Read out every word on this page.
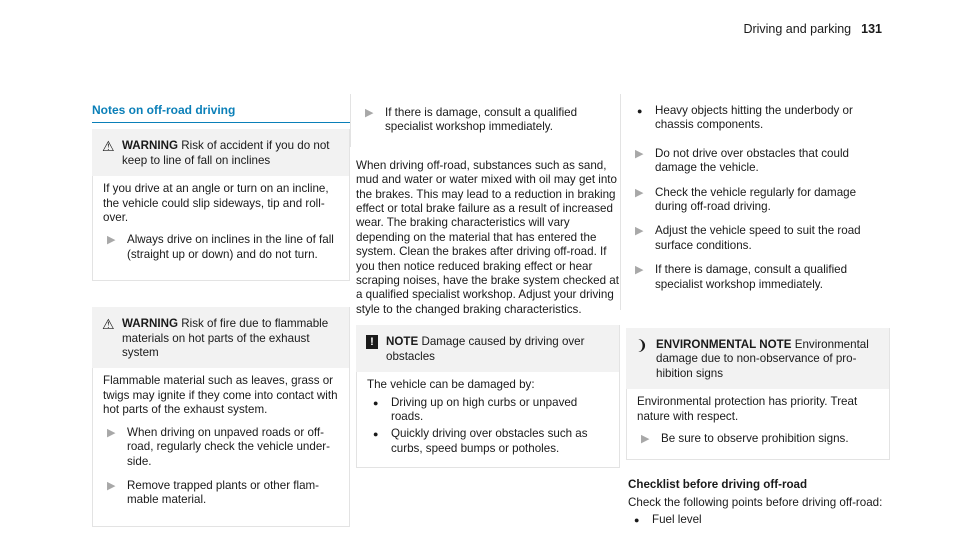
Driving and parking 131
Notes on off-road driving
⚠ WARNING Risk of accident if you do not keep to line of fall on inclines

If you drive at an angle or turn on an incline, the vehicle could slip sideways, tip and roll-over.

▶ Always drive on inclines in the line of fall (straight up or down) and do not turn.
⚠ WARNING Risk of fire due to flammable materials on hot parts of the exhaust system

Flammable material such as leaves, grass or twigs may ignite if they come into contact with hot parts of the exhaust system.

▶ When driving on unpaved roads or off-road, regularly check the vehicle under-side.
▶ Remove trapped plants or other flam-mable material.
▶ If there is damage, consult a qualified specialist workshop immediately.

When driving off-road, substances such as sand, mud and water or water mixed with oil may get into the brakes. This may lead to a reduction in braking effect or total brake failure as a result of increased wear. The braking characteristics will vary depending on the material that has entered the system. Clean the brakes after driving off-road. If you then notice reduced braking effect or hear scraping noises, have the brake system checked at a qualified specialist workshop. Adjust your driving style to the changed braking characteristics.

!	NOTE Damage caused by driving over obstacles

The vehicle can be damaged by:

●	Driving up on high curbs or unpaved roads.
●	Quickly driving over obstacles such as curbs, speed bumps or potholes.
●	Heavy objects hitting the underbody or chassis components.
▶ Do not drive over obstacles that could damage the vehicle.
▶ Check the vehicle regularly for damage during off-road driving.
▶ Adjust the vehicle speed to suit the road surface conditions.
▶ If there is damage, consult a qualified specialist workshop immediately.
❩ ENVIRONMENTAL NOTE Environmental damage due to non-observance of pro-hibition signs

Environmental protection has priority. Treat nature with respect.

▶ Be sure to observe prohibition signs.
Checklist before driving off-road

Check the following points before driving off-road:

●	Fuel level
